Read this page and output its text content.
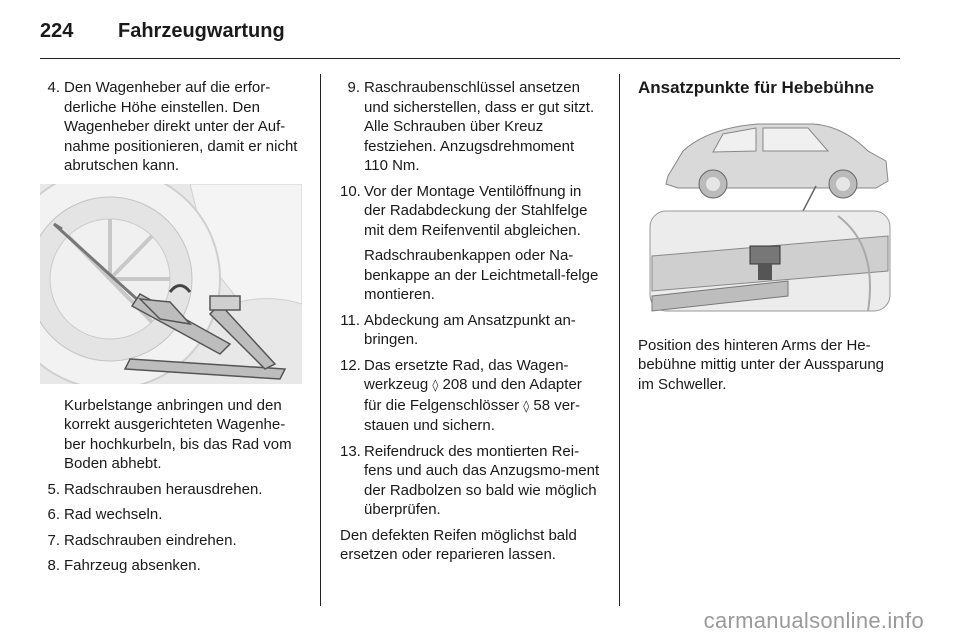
224 Fahrzeugwartung
4. Den Wagenheber auf die erfor-derliche Höhe einstellen. Den Wagenheber direkt unter der Auf-nahme positionieren, damit er nicht abrutschen kann.

Kurbelstange anbringen und den korrekt ausgerichteten Wagenhe-ber hochkurbeln, bis das Rad vom Boden abhebt.

5. Radschrauben herausdrehen.
6. Rad wechseln.
7. Radschrauben eindrehen.
8. Fahrzeug absenken.
9. Raschraubenschlüssel ansetzen und sicherstellen, dass er gut sitzt. Alle Schrauben über Kreuz festziehen. Anzugsdrehmoment 110 Nm.
10. Vor der Montage Ventilöffnung in der Radabdeckung der Stahlfelge mit dem Reifenventil abgleichen.

Radschraubenkappen oder Na-benkappe an der Leichtmetall-felge montieren.

11. Abdeckung am Ansatzpunkt an-bringen.
12. Das ersetzte Rad, das Wagen-werkzeug ◊ 208 und den Adapter für die Felgenschlösser ◊ 58 ver-stauen und sichern.
13. Reifendruck des montierten Rei-fens und auch das Anzugsmo-ment der Radbolzen so bald wie möglich überprüfen.

Den defekten Reifen möglichst bald ersetzen oder reparieren lassen.

Ansatzpunkte für Hebebühne

Position des hinteren Arms der He-bebühne mittig unter der Aussparung im Schweller.

carmanualsonline.info
